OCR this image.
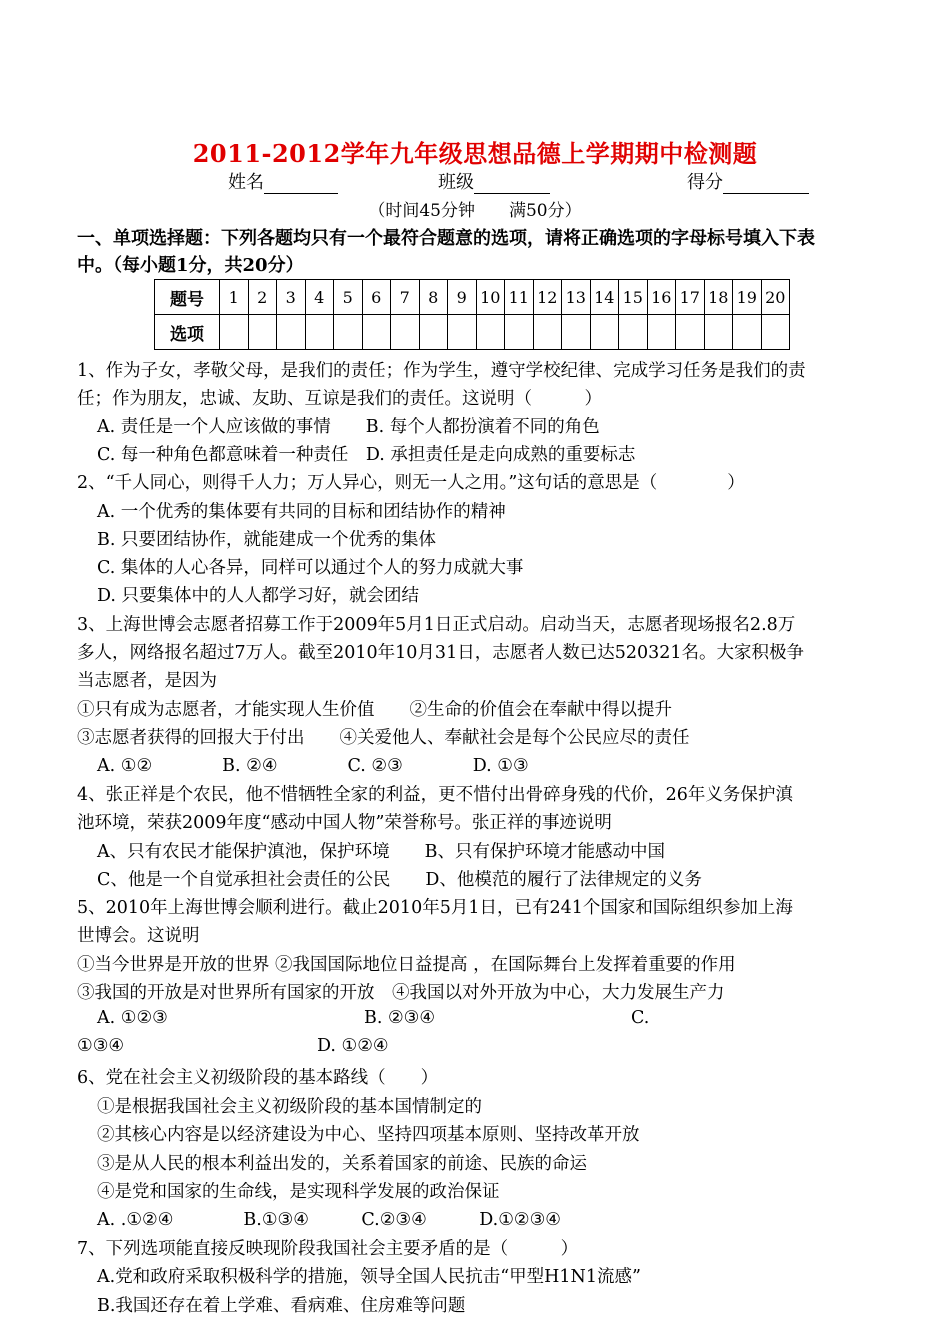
2011-2012学年九年级思想品德上学期期中检测题
姓名	班级	得分
（时间45分钟　　满50分）
一、单项选择题：下列各题均只有一个最符合题意的选项，请将正确选项的字母标号填入下表
中。（每小题1分，共20分）
题号	1	2	3	4	5	6	7	8	9	10	11	12	13	14	15	16	17	18	19	20
选项																				
1、作为子女，孝敬父母，是我们的责任；作为学生，遵守学校纪律、完成学习任务是我们的责
任；作为朋友，忠诚、友助、互谅是我们的责任。这说明（　　　）
A. 责任是一个人应该做的事情　　B. 每个人都扮演着不同的角色
C. 每一种角色都意味着一种责任　D. 承担责任是走向成熟的重要标志
2、“千人同心，则得千人力；万人异心，则无一人之用。”这句话的意思是（　　　　）
A. 一个优秀的集体要有共同的目标和团结协作的精神
B. 只要团结协作，就能建成一个优秀的集体
C. 集体的人心各异，同样可以通过个人的努力成就大事
D. 只要集体中的人人都学习好，就会团结
3、上海世博会志愿者招募工作于2009年5月1日正式启动。启动当天，志愿者现场报名2.8万
多人，网络报名超过7万人。截至2010年10月31日，志愿者人数已达520321名。大家积极争
当志愿者，是因为
①只有成为志愿者，才能实现人生价值　　②生命的价值会在奉献中得以提升
③志愿者获得的回报大于付出　　④关爱他人、奉献社会是每个公民应尽的责任
A. ①②　　　　B. ②④　　　　C. ②③　　　　D. ①③
4、张正祥是个农民，他不惜牺牲全家的利益，更不惜付出骨碎身残的代价，26年义务保护滇
池环境，荣获2009年度“感动中国人物”荣誉称号。张正祥的事迹说明
A、只有农民才能保护滇池，保护环境　　B、只有保护环境才能感动中国
C、他是一个自觉承担社会责任的公民　　D、他模范的履行了法律规定的义务
5、2010年上海世博会顺利进行。截止2010年5月1日，已有241个国家和国际组织参加上海
世博会。这说明
①当今世界是开放的世界 ②我国国际地位日益提高 ，在国际舞台上发挥着重要的作用
③我国的开放是对世界所有国家的开放　④我国以对外开放为中心，大力发展生产力
A. ①②③	B. ②③④	C.
①③④	D. ①②④
6、党在社会主义初级阶段的基本路线（　　）
①是根据我国社会主义初级阶段的基本国情制定的
②其核心内容是以经济建设为中心、坚持四项基本原则、坚持改革开放
③是从人民的根本利益出发的，关系着国家的前途、民族的命运
④是党和国家的生命线，是实现科学发展的政治保证
A. .①②④　　　　B.①③④　　　C.②③④　　　D.①②③④
7、下列选项能直接反映现阶段我国社会主要矛盾的是（　　　）
A.党和政府采取积极科学的措施，领导全国人民抗击“甲型H1N1流感”
B.我国还存在着上学难、看病难、住房难等问题
